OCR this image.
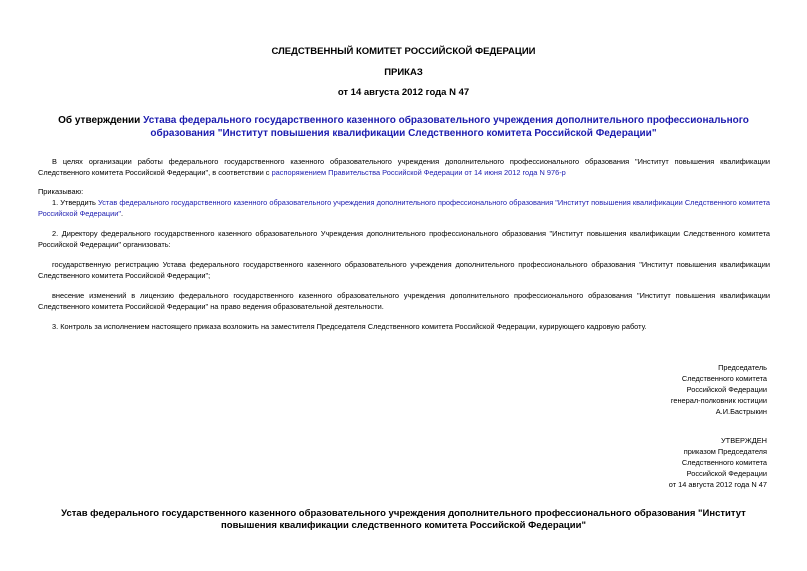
СЛЕДСТВЕННЫЙ КОМИТЕТ РОССИЙСКОЙ ФЕДЕРАЦИИ
ПРИКАЗ
от 14 августа 2012 года N 47
Об утверждении Устава федерального государственного казенного образовательного учреждения дополнительного профессионального образования "Институт повышения квалификации Следственного комитета Российской Федерации"
В целях организации работы федерального государственного казенного образовательного учреждения дополнительного профессионального образования "Институт повышения квалификации Следственного комитета Российской Федерации", в соответствии с распоряжением Правительства Российской Федерации от 14 июня 2012 года N 976-р
Приказываю:
1. Утвердить Устав федерального государственного казенного образовательного учреждения дополнительного профессионального образования "Институт повышения квалификации Следственного комитета Российской Федерации".
2. Директору федерального государственного казенного образовательного Учреждения дополнительного профессионального образования "Институт повышения квалификации Следственного комитета Российской Федерации" организовать:
государственную регистрацию Устава федерального государственного казенного образовательного учреждения дополнительного профессионального образования "Институт повышения квалификации Следственного комитета Российской Федерации";
внесение изменений в лицензию федерального государственного казенного образовательного учреждения дополнительного профессионального образования "Институт повышения квалификации Следственного комитета Российской Федерации" на право ведения образовательной деятельности.
3. Контроль за исполнением настоящего приказа возложить на заместителя Председателя Следственного комитета Российской Федерации, курирующего кадровую работу.
Председатель
Следственного комитета
Российской Федерации
генерал-полковник юстиции
А.И.Бастрыкин
УТВЕРЖДЕН
приказом Председателя
Следственного комитета
Российской Федерации
от 14 августа 2012 года N 47
Устав федерального государственного казенного образовательного учреждения дополнительного профессионального образования "Институт повышения квалификации следственного комитета Российской Федерации"
